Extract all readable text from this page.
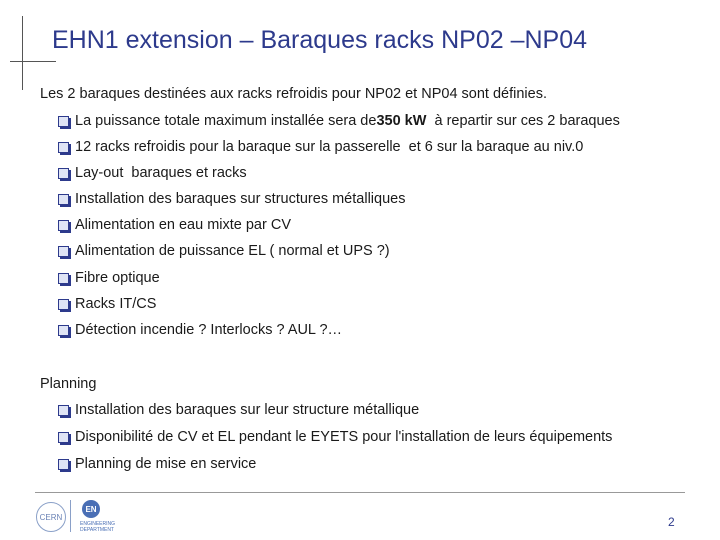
EHN1 extension – Baraques racks NP02 –NP04
Les 2 baraques destinées aux racks refroidis pour NP02 et NP04 sont définies.
La puissance totale maximum installée sera de 350 kW à repartir sur ces 2 baraques
12 racks refroidis pour la baraque sur la passerelle  et 6 sur la baraque au niv.0
Lay-out  baraques et racks
Installation des baraques sur structures métalliques
Alimentation en eau mixte par CV
Alimentation de puissance EL ( normal et UPS ?)
Fibre optique
Racks IT/CS
Détection incendie ? Interlocks ? AUL ?…
Planning
Installation des baraques sur leur structure métallique
Disponibilité de CV et EL pendant le EYETS pour l'installation de leurs équipements
Planning de mise en service
CERN
EN
ENGINEERING DEPARTMENT
2
